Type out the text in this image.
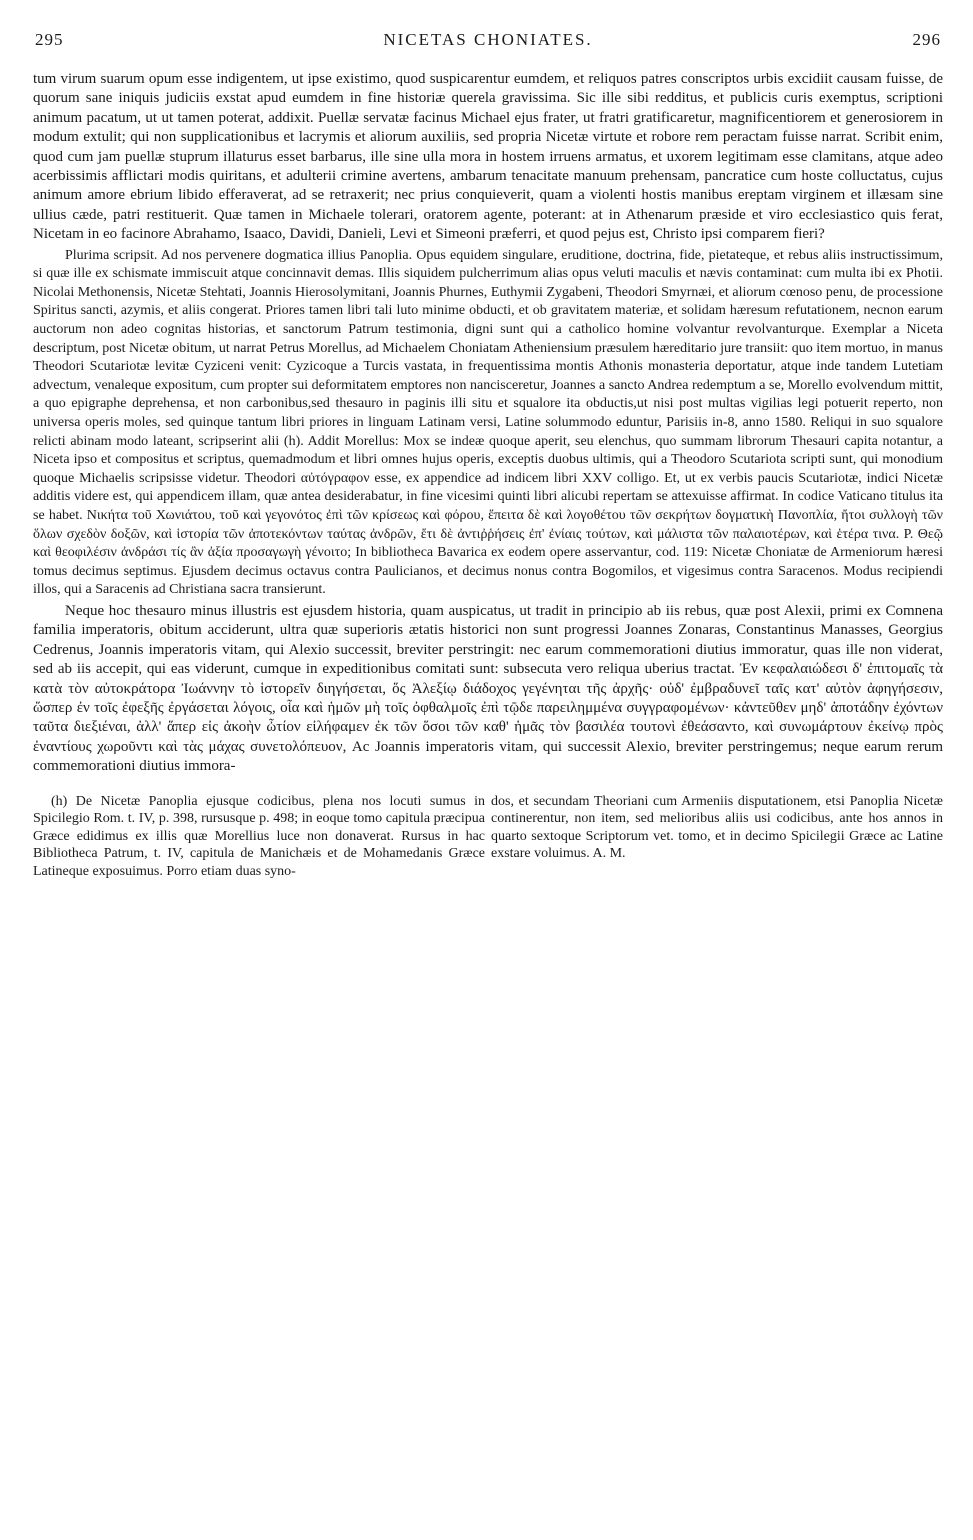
295	NICETAS CHONIATES.	296

tum virum suarum opum esse indigentem, ut ipse existimo, quod suspicarentur eumdem, et reliquos patres conscriptos urbis excidiit causam fuisse, de quorum sane iniquis judiciis exstat apud eumdem in fine historiæ querela gravissima. Sic ille sibi redditus, et publicis curis exemptus, scriptioni animum pacatum, ut ut tamen poterat, addixit. Puellæ servatæ facinus Michael ejus frater, ut fratri gratificaretur, magnificentiorem et generosiorem in modum extulit; qui non supplicationibus et lacrymis et aliorum auxiliis, sed propria Nicetæ virtute et robore rem peractam fuisse narrat. Scribit enim, quod cum jam puellæ stuprum illaturus esset barbarus, ille sine ulla mora in hostem irruens armatus, et uxorem legitimam esse clamitans, atque adeo acerbissimis afflictari modis quiritans, et adulterii crimine avertens, ambarum tenacitate manuum prehensam, pancratice cum hoste colluctatus, cujus animum amore ebrium libido efferaverat, ad se retraxerit; nec prius conquieverit, quam a violenti hostis manibus ereptam virginem et illæsam sine ullius cæde, patri restituerit. Quæ tamen in Michaele tolerari, oratorem agente, poterant: at in Athenarum præside et viro ecclesiastico quis ferat, Nicetam in eo facinore Abrahamo, Isaaco, Davidi, Danieli, Levi et Simeoni præferri, et quod pejus est, Christo ipsi comparem fieri?

Plurima scripsit. Ad nos pervenere dogmatica illius Panoplia. Opus equidem singulare, eruditione, doctrina, fide, pietateque, et rebus aliis instructissimum, si quæ ille ex schismate immiscuit atque concinnavit demas. Illis siquidem pulcherrimum alias opus veluti maculis et nævis contaminat: cum multa ibi ex Photii. Nicolai Methonensis, Nicetæ Stehtati, Joannis Hierosolymitani, Joannis Phurnes, Euthymii Zygabeni, Theodori Smyrnæi, et aliorum cœnoso penu, de processione Spiritus sancti, azymis, et aliis congerat. Priores tamen libri tali luto minime obducti, et ob gravitatem materiæ, et solidam hæresum refutationem, necnon earum auctorum non adeo cognitas historias, et sanctorum Patrum testimonia, digni sunt qui a catholico homine volvantur revolvanturque. Exemplar a Niceta descriptum, post Nicetæ obitum, ut narrat Petrus Morellus, ad Michaelem Choniatam Atheniensium præsulem hæreditario jure transiit: quo item mortuo, in manus Theodori Scutariotæ levitæ Cyziceni venit: Cyzicoque a Turcis vastata, in frequentissima montis Athonis monasteria deportatur, atque inde tandem Lutetiam advectum, venaleque expositum, cum propter sui deformitatem emptores non nancisceretur, Joannes a sancto Andrea redemptum a se, Morello evolvendum mittit, a quo epigraphe deprehensa, et non carbonibus,sed thesauro in paginis illi situ et squalore ita obductis,ut nisi post multas vigilias legi potuerit reperto, non universa operis moles, sed quinque tantum libri priores in linguam Latinam versi, Latine solummodo eduntur, Parisiis in-8, anno 1580. Reliqui in suo squalore relicti abinam modo lateant, scripserint alii (h). Addit Morellus: Mox se indeæ quoque aperit, seu elenchus, quo summam librorum Thesauri capita notantur, a Niceta ipso et compositus et scriptus, quemadmodum et libri omnes hujus operis, exceptis duobus ultimis, qui a Theodoro Scutariota scripti sunt, qui monodium quoque Michaelis scripsisse videtur. Theodori αὐτόγραφον esse, ex appendice ad indicem libri XXV colligo. Et, ut ex verbis paucis Scutariotæ, indici Nicetæ additis videre est, qui appendicem illam, quæ antea desiderabatur, in fine vicesimi quinti libri alicubi repertam se attexuisse affirmat. In codice Vaticano titulus ita se habet. Νικήτα τοῦ Χωνιάτου, τοῦ καὶ γεγονότος ἐπὶ τῶν κρίσεως καὶ φόρου, ἔπειτα δὲ καὶ λογοθέτου τῶν σεκρήτων δογματικὴ Πανοπλία, ἤτοι συλλογὴ τῶν ὅλων σχεδὸν δοξῶν, καὶ ἱστορία τῶν ἀποτεκόντων ταύτας ἀνδρῶν, ἔτι δὲ ἀντιῤῥήσεις ἐπ' ἐνίαις τούτων, καὶ μάλιστα τῶν παλαιοτέρων, καὶ ἑτέρα τινα. P. Θεῷ καὶ θεοφιλέσιν ἀνδράσι τίς ἂν ἀξία προσαγωγὴ γένοιτο; In bibliotheca Bavarica ex eodem opere asservantur, cod. 119: Nicetæ Choniatæ de Armeniorum hæresi tomus decimus septimus. Ejusdem decimus octavus contra Paulicianos, et decimus nonus contra Bogomilos, et vigesimus contra Saracenos. Modus recipiendi illos, qui a Saracenis ad Christiana sacra transierunt.

Neque hoc thesauro minus illustris est ejusdem historia, quam auspicatus, ut tradit in principio ab iis rebus, quæ post Alexii, primi ex Comnena familia imperatoris, obitum acciderunt, ultra quæ superioris ætatis historici non sunt progressi Joannes Zonaras, Constantinus Manasses, Georgius Cedrenus, Joannis imperatoris vitam, qui Alexio successit, breviter perstringit: nec earum commemorationi diutius immoratur, quas ille non viderat, sed ab iis accepit, qui eas viderunt, cumque in expeditionibus comitati sunt: subsecuta vero reliqua uberius tractat. Ἐν κεφαλαιώδεσι δ' ἐπιτομαῖς τὰ κατὰ τὸν αὐτοκράτορα Ἰωάννην τὸ ἱστορεῖν διηγήσεται, ὅς Ἀλεξίῳ διάδοχος γεγένηται τῆς ἀρχῆς· οὐδ' ἐμβραδυνεῖ ταῖς κατ' αὐτὸν ἀφηγήσεσιν, ὥσπερ ἐν τοῖς ἐφεξῆς ἐργάσεται λόγοις, οἷα καὶ ἡμῶν μὴ τοῖς ὀφθαλμοῖς ἐπὶ τῷδε παρειλημμένα συγγραφομένων· κἀντεῦθεν μηδ' ἀποτάδην ἐχόντων ταῦτα διεξιέναι, ἀλλ' ἅπερ εἰς ἀκοὴν ὦτίον εἰλήφαμεν ἐκ τῶν ὅσοι τῶν καθ' ἡμᾶς τὸν βασιλέα τουτονὶ ἐθεάσαντο, καὶ συνωμάρτουν ἐκείνῳ πρὸς ἐναντίους χωροῦντι καὶ τὰς μάχας συνετολόπευον, Ac Joannis imperatoris vitam, qui successit Alexio, breviter perstringemus; neque earum rerum commemorationi diutius immora-

(h) De Nicetæ Panoplia ejusque codicibus, plena nos locuti sumus in Spicilegio Rom. t. IV, p. 398, rursusque p. 498; in eoque tomo capitula præcipua Græce edidimus ex illis quæ Morellius luce non donaverat. Rursus in hac Bibliotheca Patrum, t. IV, capitula de Manichæis et de Mohamedanis Græce Latineque exposuimus. Porro etiam duas syno-
dos, et secundam Theoriani cum Armeniis disputationem, etsi Panoplia Nicetæ continerentur, non item, sed melioribus aliis usi codicibus, ante hos annos in quarto sextoque Scriptorum vet. tomo, et in decimo Spicilegii Græce ac Latine exstare voluimus. A. M.
